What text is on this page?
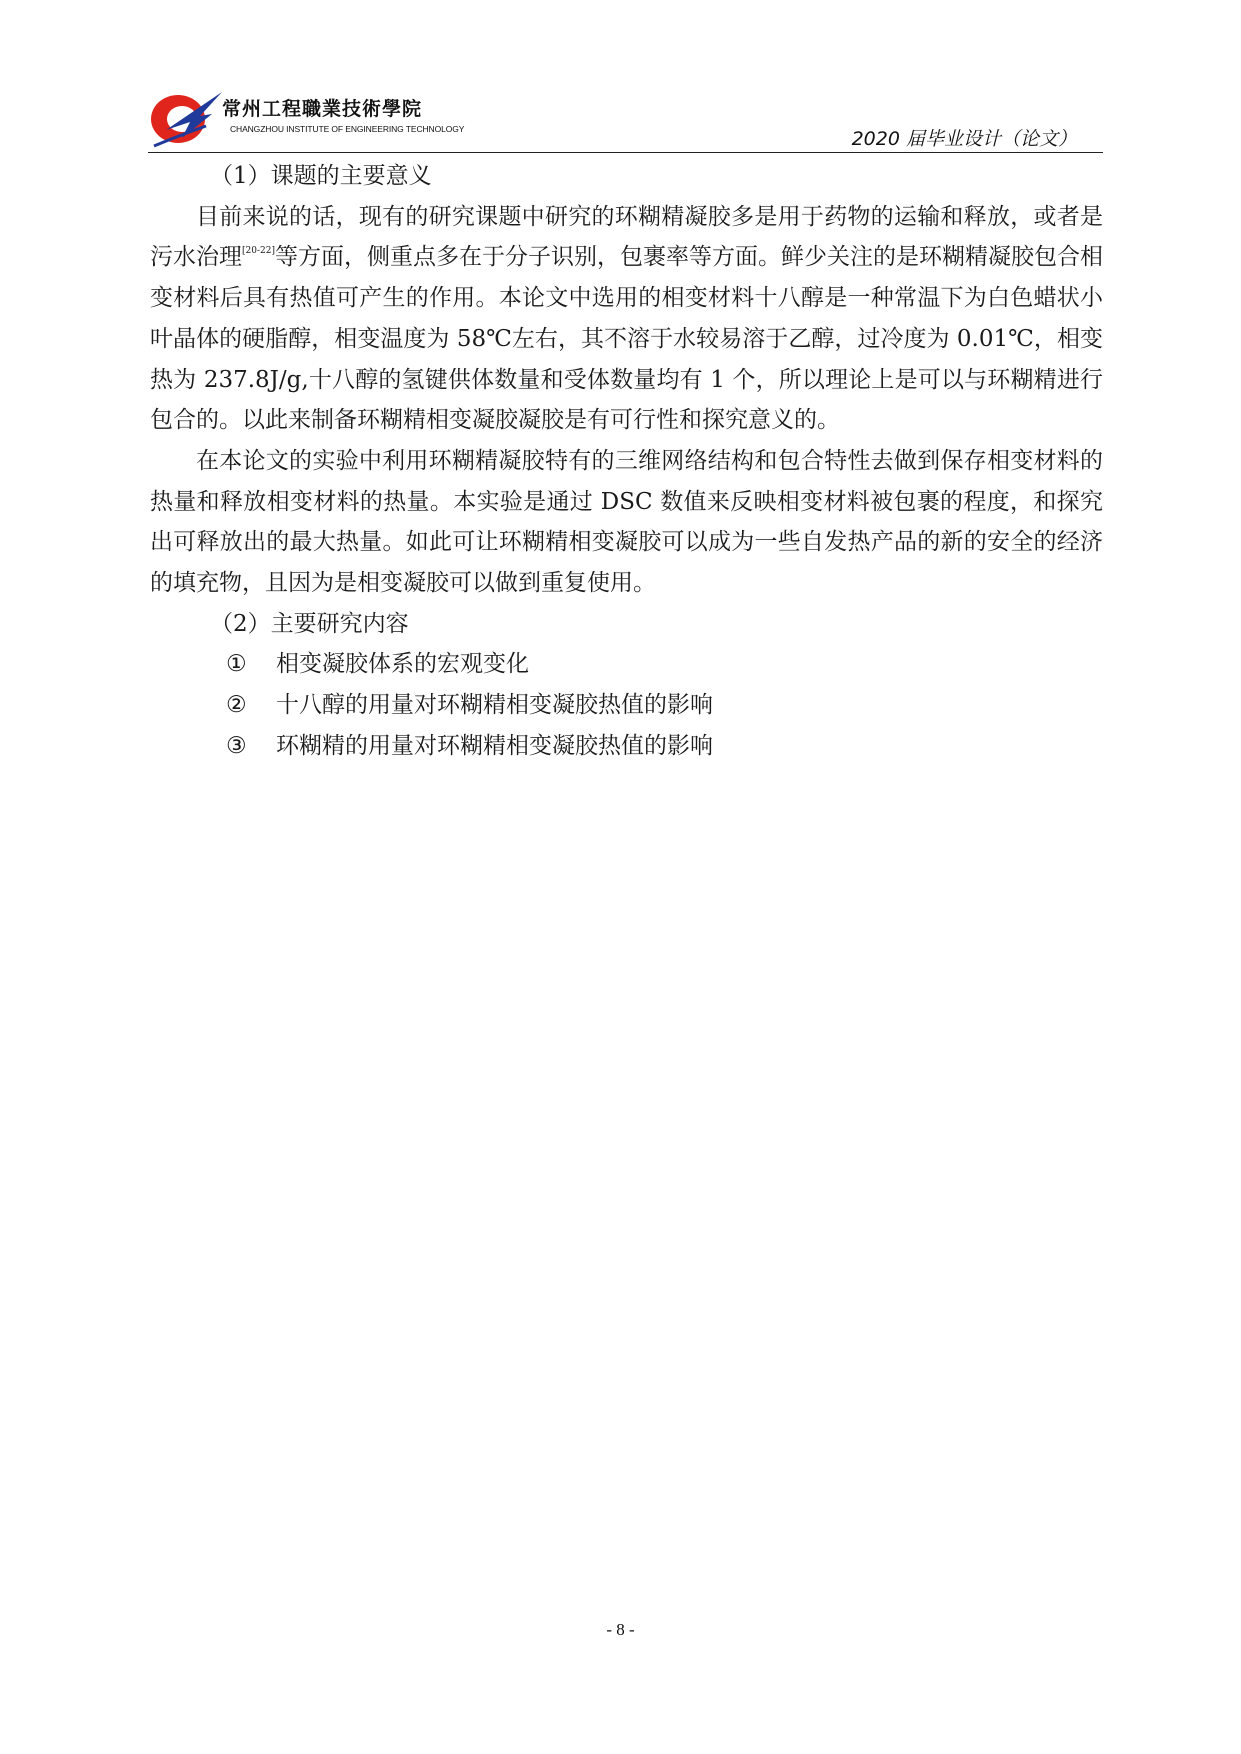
常州工程職業技術學院
CHANGZHOU INSTITUTE OF ENGINEERING TECHNOLOGY	2020 届毕业设计（论文）

（1）课题的主要意义

目前来说的话，现有的研究课题中研究的环糊精凝胶多是用于药物的运输和释放，或者是污水治理[20-22]等方面，侧重点多在于分子识别，包裹率等方面。鲜少关注的是环糊精凝胶包合相变材料后具有热值可产生的作用。本论文中选用的相变材料十八醇是一种常温下为白色蜡状小叶晶体的硬脂醇，相变温度为 58℃左右，其不溶于水较易溶于乙醇，过冷度为 0.01℃，相变热为 237.8J/g,十八醇的氢键供体数量和受体数量均有 1 个，所以理论上是可以与环糊精进行包合的。以此来制备环糊精相变凝胶凝胶是有可行性和探究意义的。

在本论文的实验中利用环糊精凝胶特有的三维网络结构和包合特性去做到保存相变材料的热量和释放相变材料的热量。本实验是通过 DSC 数值来反映相变材料被包裹的程度，和探究出可释放出的最大热量。如此可让环糊精相变凝胶可以成为一些自发热产品的新的安全的经济的填充物，且因为是相变凝胶可以做到重复使用。

（2）主要研究内容

① 相变凝胶体系的宏观变化

② 十八醇的用量对环糊精相变凝胶热值的影响

③ 环糊精的用量对环糊精相变凝胶热值的影响

- 8 -
